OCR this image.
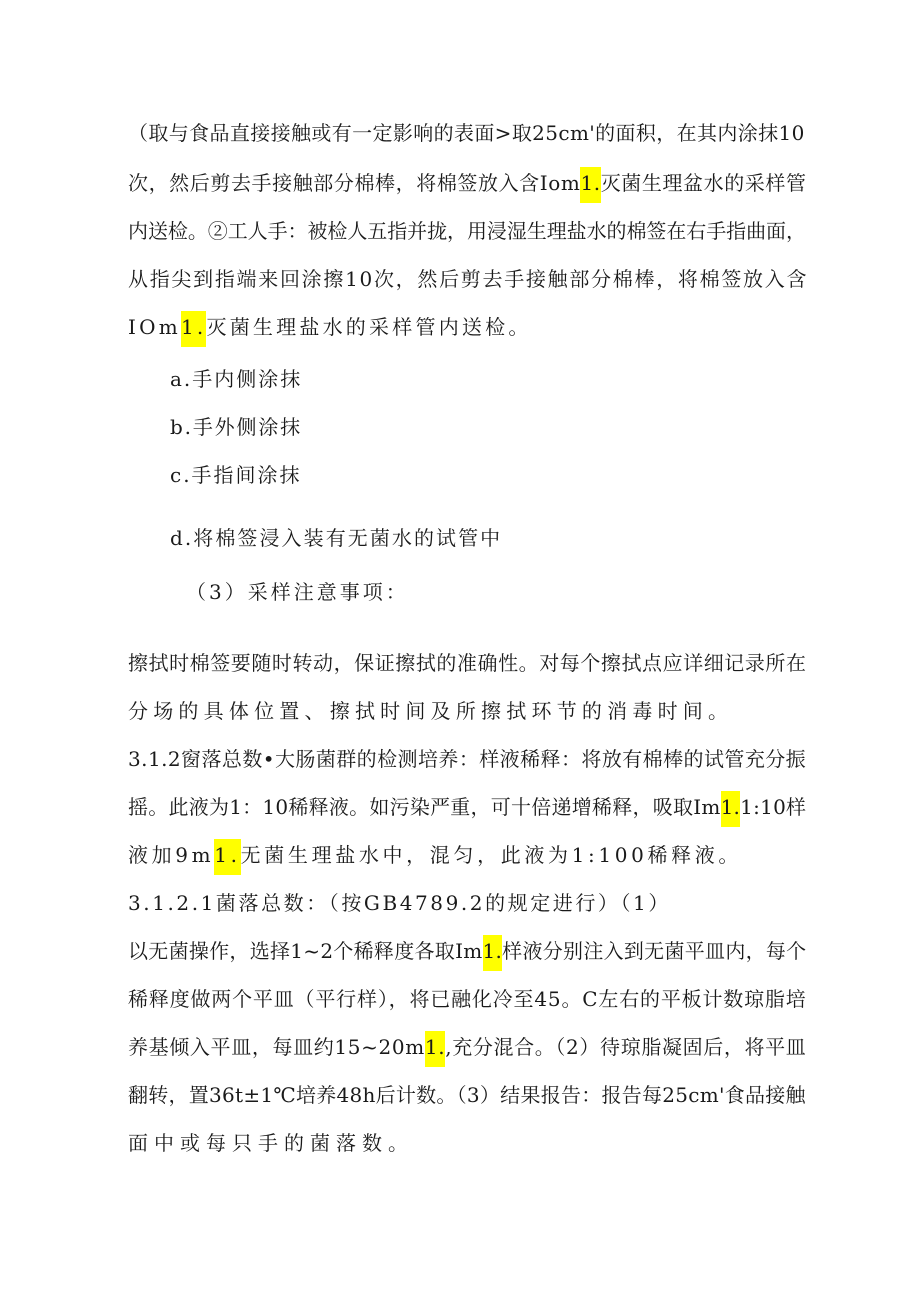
（取与食品直接接触或有一定影响的表面>取25cm'的面积，在其内涂抹10
次，然后剪去手接触部分棉棒，将棉签放入含Iom1.灭菌生理盆水的采样管
内送检。②工人手：被检人五指并拢，用浸湿生理盐水的棉签在右手指曲面，
从指尖到指端来回涂擦10次，然后剪去手接触部分棉棒，将棉签放入含
IOm1.灭菌生理盐水的采样管内送检。
a.手内侧涂抹
b.手外侧涂抹
c.手指间涂抹
d.将棉签浸入装有无菌水的试管中
（3）采样注意事项：
擦拭时棉签要随时转动，保证擦拭的准确性。对每个擦拭点应详细记录所在
分场的具体位置、擦拭时间及所擦拭环节的消毒时间。
3.1.2窗落总数•大肠菌群的检测培养：样液稀释：将放有棉棒的试管充分振
摇。此液为1：10稀释液。如污染严重，可十倍递增稀释，吸取Im1.1:10样
液加9m1.无菌生理盐水中，混匀，此液为1:100稀释液。
3.1.2.1菌落总数：（按GB4789.2的规定进行）（1）
以无菌操作，选择1~2个稀释度各取Im1.样液分别注入到无菌平皿内，每个
稀释度做两个平皿（平行样），将已融化冷至45。C左右的平板计数琼脂培
养基倾入平皿，每皿约15~20m1.,充分混合。（2）待琼脂凝固后，将平皿
翻转，置36t±1℃培养48h后计数。（3）结果报告：报告每25cm'食品接触
面中或每只手的菌落数。
